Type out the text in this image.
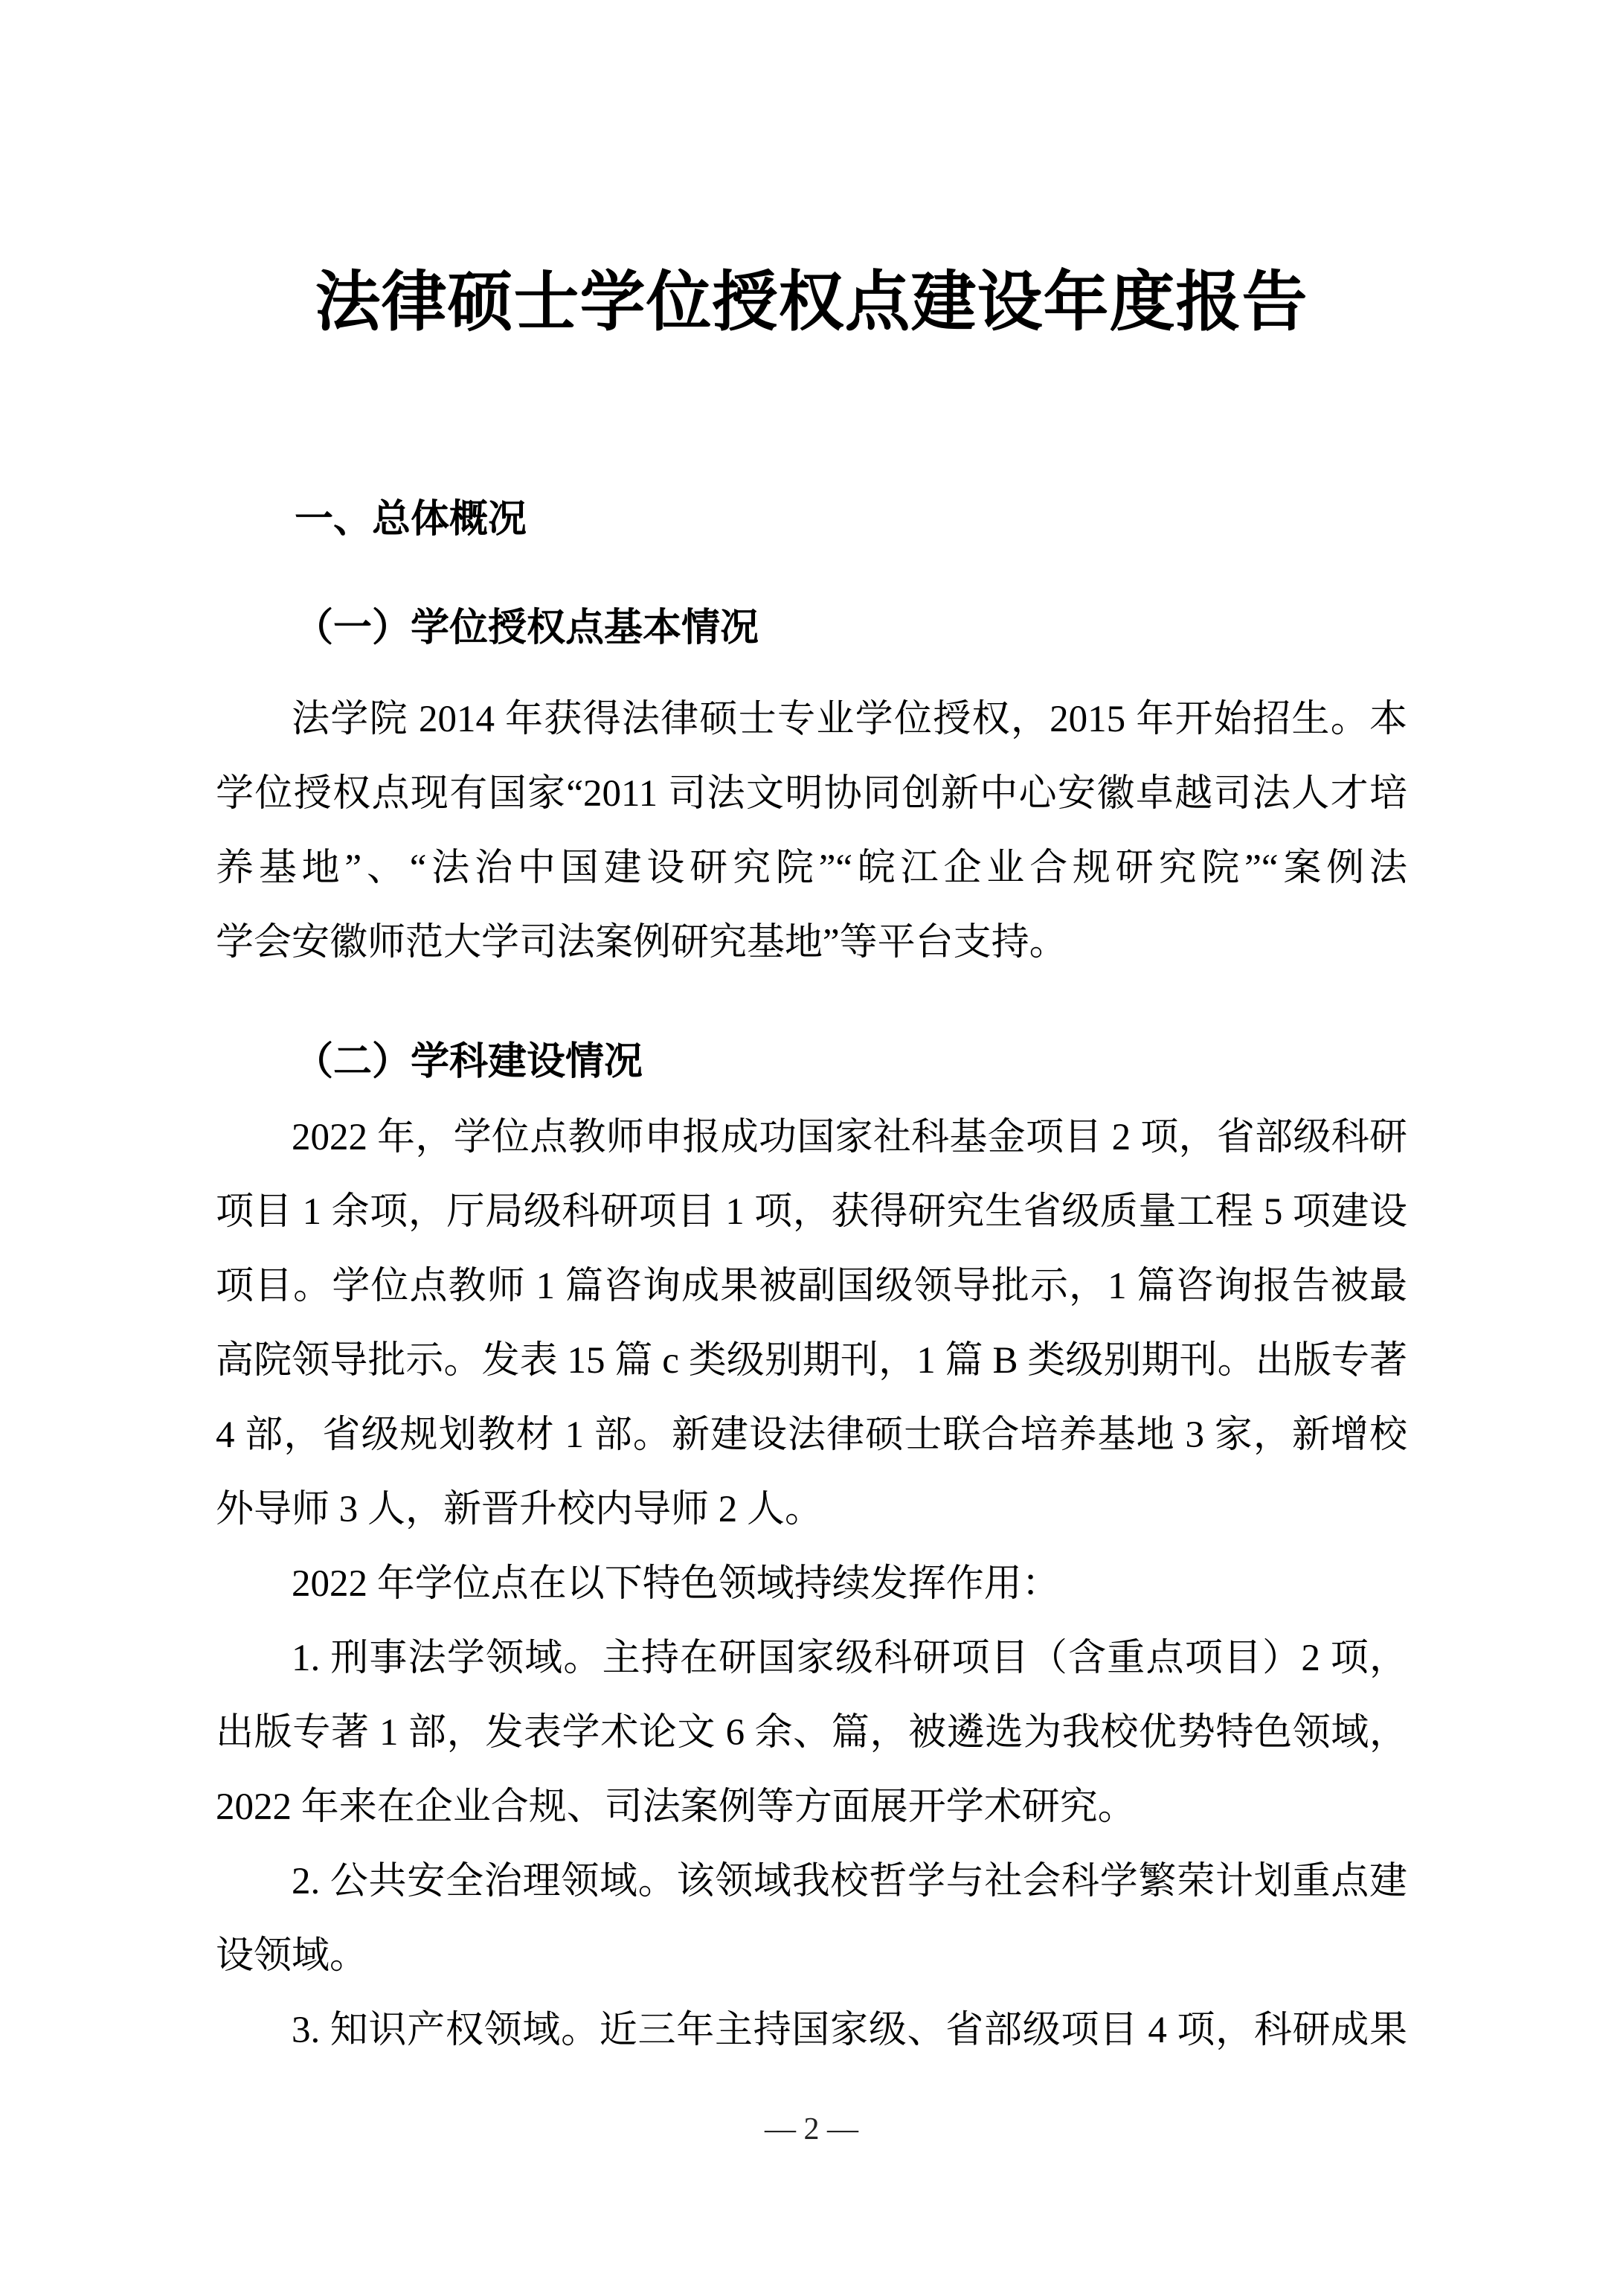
法律硕士学位授权点建设年度报告
一、总体概况
（一）学位授权点基本情况
法学院 2014 年获得法律硕士专业学位授权，2015 年开始招生。本
学位授权点现有国家“2011 司法文明协同创新中心安徽卓越司法人才培
养基地”、“法治中国建设研究院”“皖江企业合规研究院”“案例法
学会安徽师范大学司法案例研究基地”等平台支持。
（二）学科建设情况
2022 年，学位点教师申报成功国家社科基金项目 2 项，省部级科研
项目 1 余项，厅局级科研项目 1 项，获得研究生省级质量工程 5 项建设
项目。学位点教师 1 篇咨询成果被副国级领导批示，1 篇咨询报告被最
高院领导批示。发表 15 篇 c 类级别期刊，1 篇 B 类级别期刊。出版专著
4 部，省级规划教材 1 部。新建设法律硕士联合培养基地 3 家，新增校
外导师 3 人，新晋升校内导师 2 人。
2022 年学位点在以下特色领域持续发挥作用：
1. 刑事法学领域。主持在研国家级科研项目（含重点项目）2 项，
出版专著 1 部，发表学术论文 6 余、篇，被遴选为我校优势特色领域，
2022 年来在企业合规、司法案例等方面展开学术研究。
2. 公共安全治理领域。该领域我校哲学与社会科学繁荣计划重点建
设领域。
3. 知识产权领域。近三年主持国家级、省部级项目 4 项，科研成果
— 2 —
